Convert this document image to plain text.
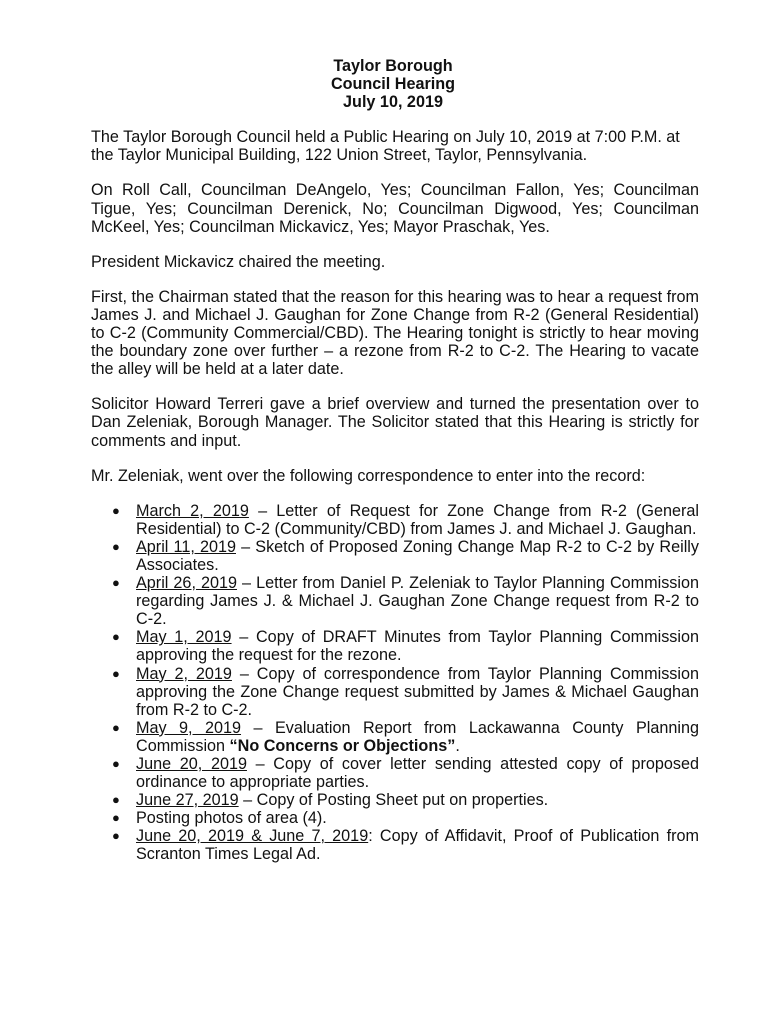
Taylor Borough
Council Hearing
July 10, 2019

The Taylor Borough Council held a Public Hearing on July 10, 2019 at 7:00 P.M. at the Taylor Municipal Building, 122 Union Street, Taylor, Pennsylvania.

On Roll Call, Councilman DeAngelo, Yes; Councilman Fallon, Yes; Councilman Tigue, Yes; Councilman Derenick, No; Councilman Digwood, Yes; Councilman McKeel, Yes; Councilman Mickavicz, Yes; Mayor Praschak, Yes.

President Mickavicz chaired the meeting.

First, the Chairman stated that the reason for this hearing was to hear a request from James J. and Michael J. Gaughan for Zone Change from R-2 (General Residential) to C-2 (Community Commercial/CBD). The Hearing tonight is strictly to hear moving the boundary zone over further – a rezone from R-2 to C-2. The Hearing to vacate the alley will be held at a later date.

Solicitor Howard Terreri gave a brief overview and turned the presentation over to Dan Zeleniak, Borough Manager. The Solicitor stated that this Hearing is strictly for comments and input.

Mr. Zeleniak, went over the following correspondence to enter into the record:

● March 2, 2019 – Letter of Request for Zone Change from R-2 (General Residential) to C-2 (Community/CBD) from James J. and Michael J. Gaughan.
● April 11, 2019 – Sketch of Proposed Zoning Change Map R-2 to C-2 by Reilly Associates.
● April 26, 2019 – Letter from Daniel P. Zeleniak to Taylor Planning Commission regarding James J. & Michael J. Gaughan Zone Change request from R-2 to C-2.
● May 1, 2019 – Copy of DRAFT Minutes from Taylor Planning Commission approving the request for the rezone.
● May 2, 2019 – Copy of correspondence from Taylor Planning Commission approving the Zone Change request submitted by James & Michael Gaughan from R-2 to C-2.
● May 9, 2019 – Evaluation Report from Lackawanna County Planning Commission “No Concerns or Objections”.
● June 20, 2019 – Copy of cover letter sending attested copy of proposed ordinance to appropriate parties.
● June 27, 2019 – Copy of Posting Sheet put on properties.
● Posting photos of area (4).
● June 20, 2019 & June 7, 2019: Copy of Affidavit, Proof of Publication from Scranton Times Legal Ad.
